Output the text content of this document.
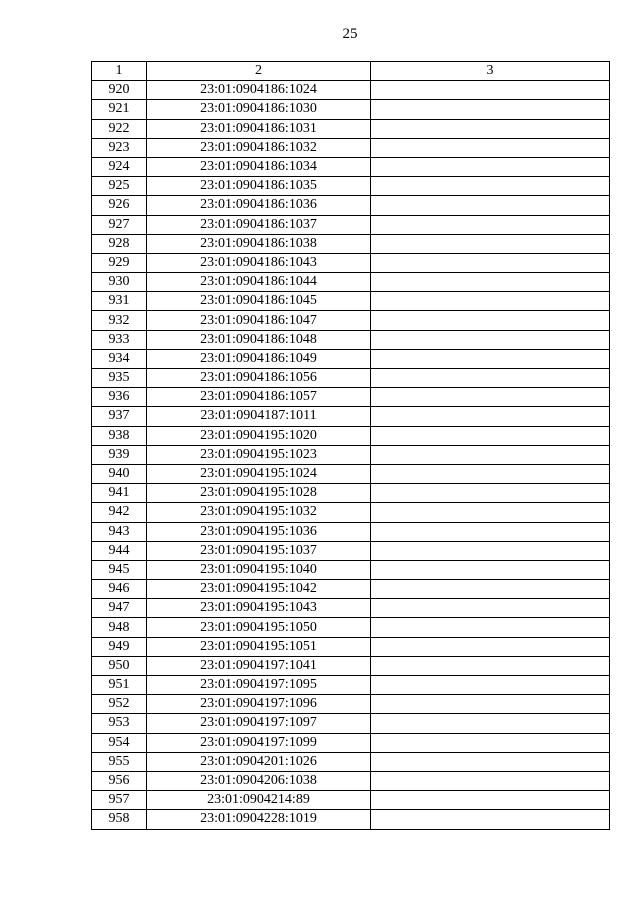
25
1	2	3
920	23:01:0904186:1024	
921	23:01:0904186:1030	
922	23:01:0904186:1031	
923	23:01:0904186:1032	
924	23:01:0904186:1034	
925	23:01:0904186:1035	
926	23:01:0904186:1036	
927	23:01:0904186:1037	
928	23:01:0904186:1038	
929	23:01:0904186:1043	
930	23:01:0904186:1044	
931	23:01:0904186:1045	
932	23:01:0904186:1047	
933	23:01:0904186:1048	
934	23:01:0904186:1049	
935	23:01:0904186:1056	
936	23:01:0904186:1057	
937	23:01:0904187:1011	
938	23:01:0904195:1020	
939	23:01:0904195:1023	
940	23:01:0904195:1024	
941	23:01:0904195:1028	
942	23:01:0904195:1032	
943	23:01:0904195:1036	
944	23:01:0904195:1037	
945	23:01:0904195:1040	
946	23:01:0904195:1042	
947	23:01:0904195:1043	
948	23:01:0904195:1050	
949	23:01:0904195:1051	
950	23:01:0904197:1041	
951	23:01:0904197:1095	
952	23:01:0904197:1096	
953	23:01:0904197:1097	
954	23:01:0904197:1099	
955	23:01:0904201:1026	
956	23:01:0904206:1038	
957	23:01:0904214:89	
958	23:01:0904228:1019	
